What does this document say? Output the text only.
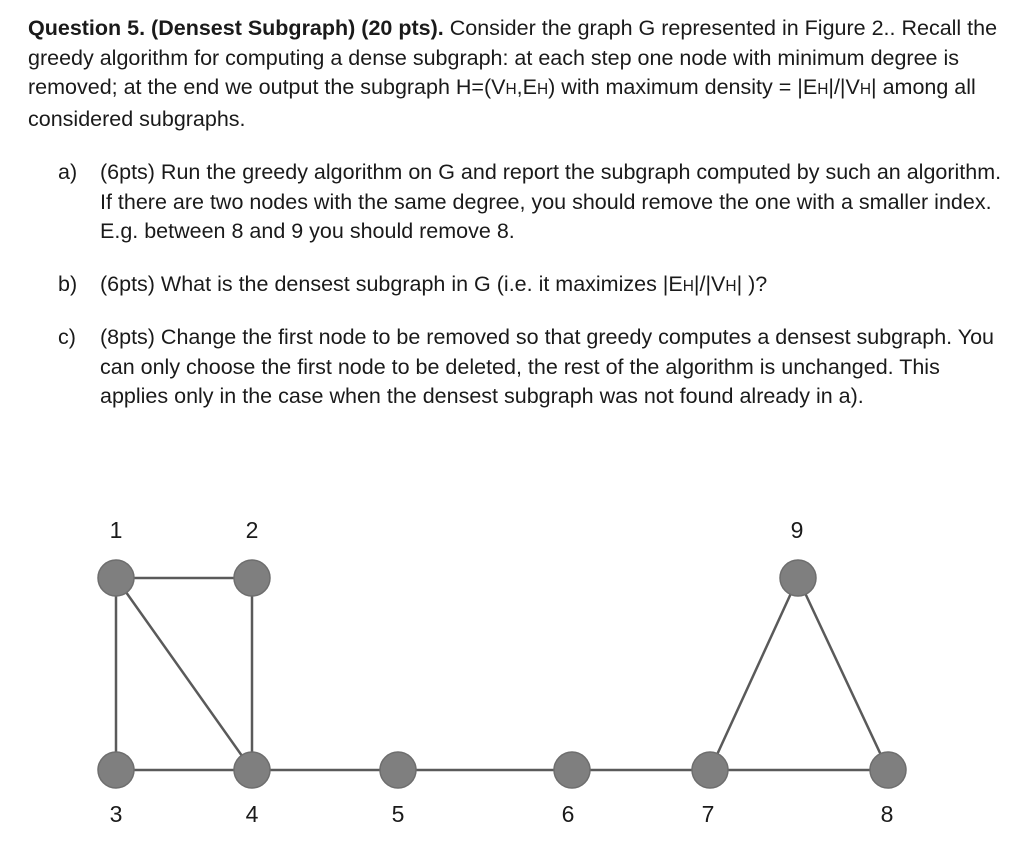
Question 5. (Densest Subgraph) (20 pts). Consider the graph G represented in Figure 2.. Recall the greedy algorithm for computing a dense subgraph: at each step one node with minimum degree is removed; at the end we output the subgraph H=(VH,EH) with maximum density = |EH|/|VH| among all considered subgraphs.
a) (6pts) Run the greedy algorithm on G and report the subgraph computed by such an algorithm. If there are two nodes with the same degree, you should remove the one with a smaller index. E.g. between 8 and 9 you should remove 8.
b) (6pts) What is the densest subgraph in G (i.e. it maximizes |EH|/|VH| )?
c) (8pts) Change the first node to be removed so that greedy computes a densest subgraph. You can only choose the first node to be deleted, the rest of the algorithm is unchanged. This applies only in the case when the densest subgraph was not found already in a).
1	2
3	4	5	6	7	8
9
